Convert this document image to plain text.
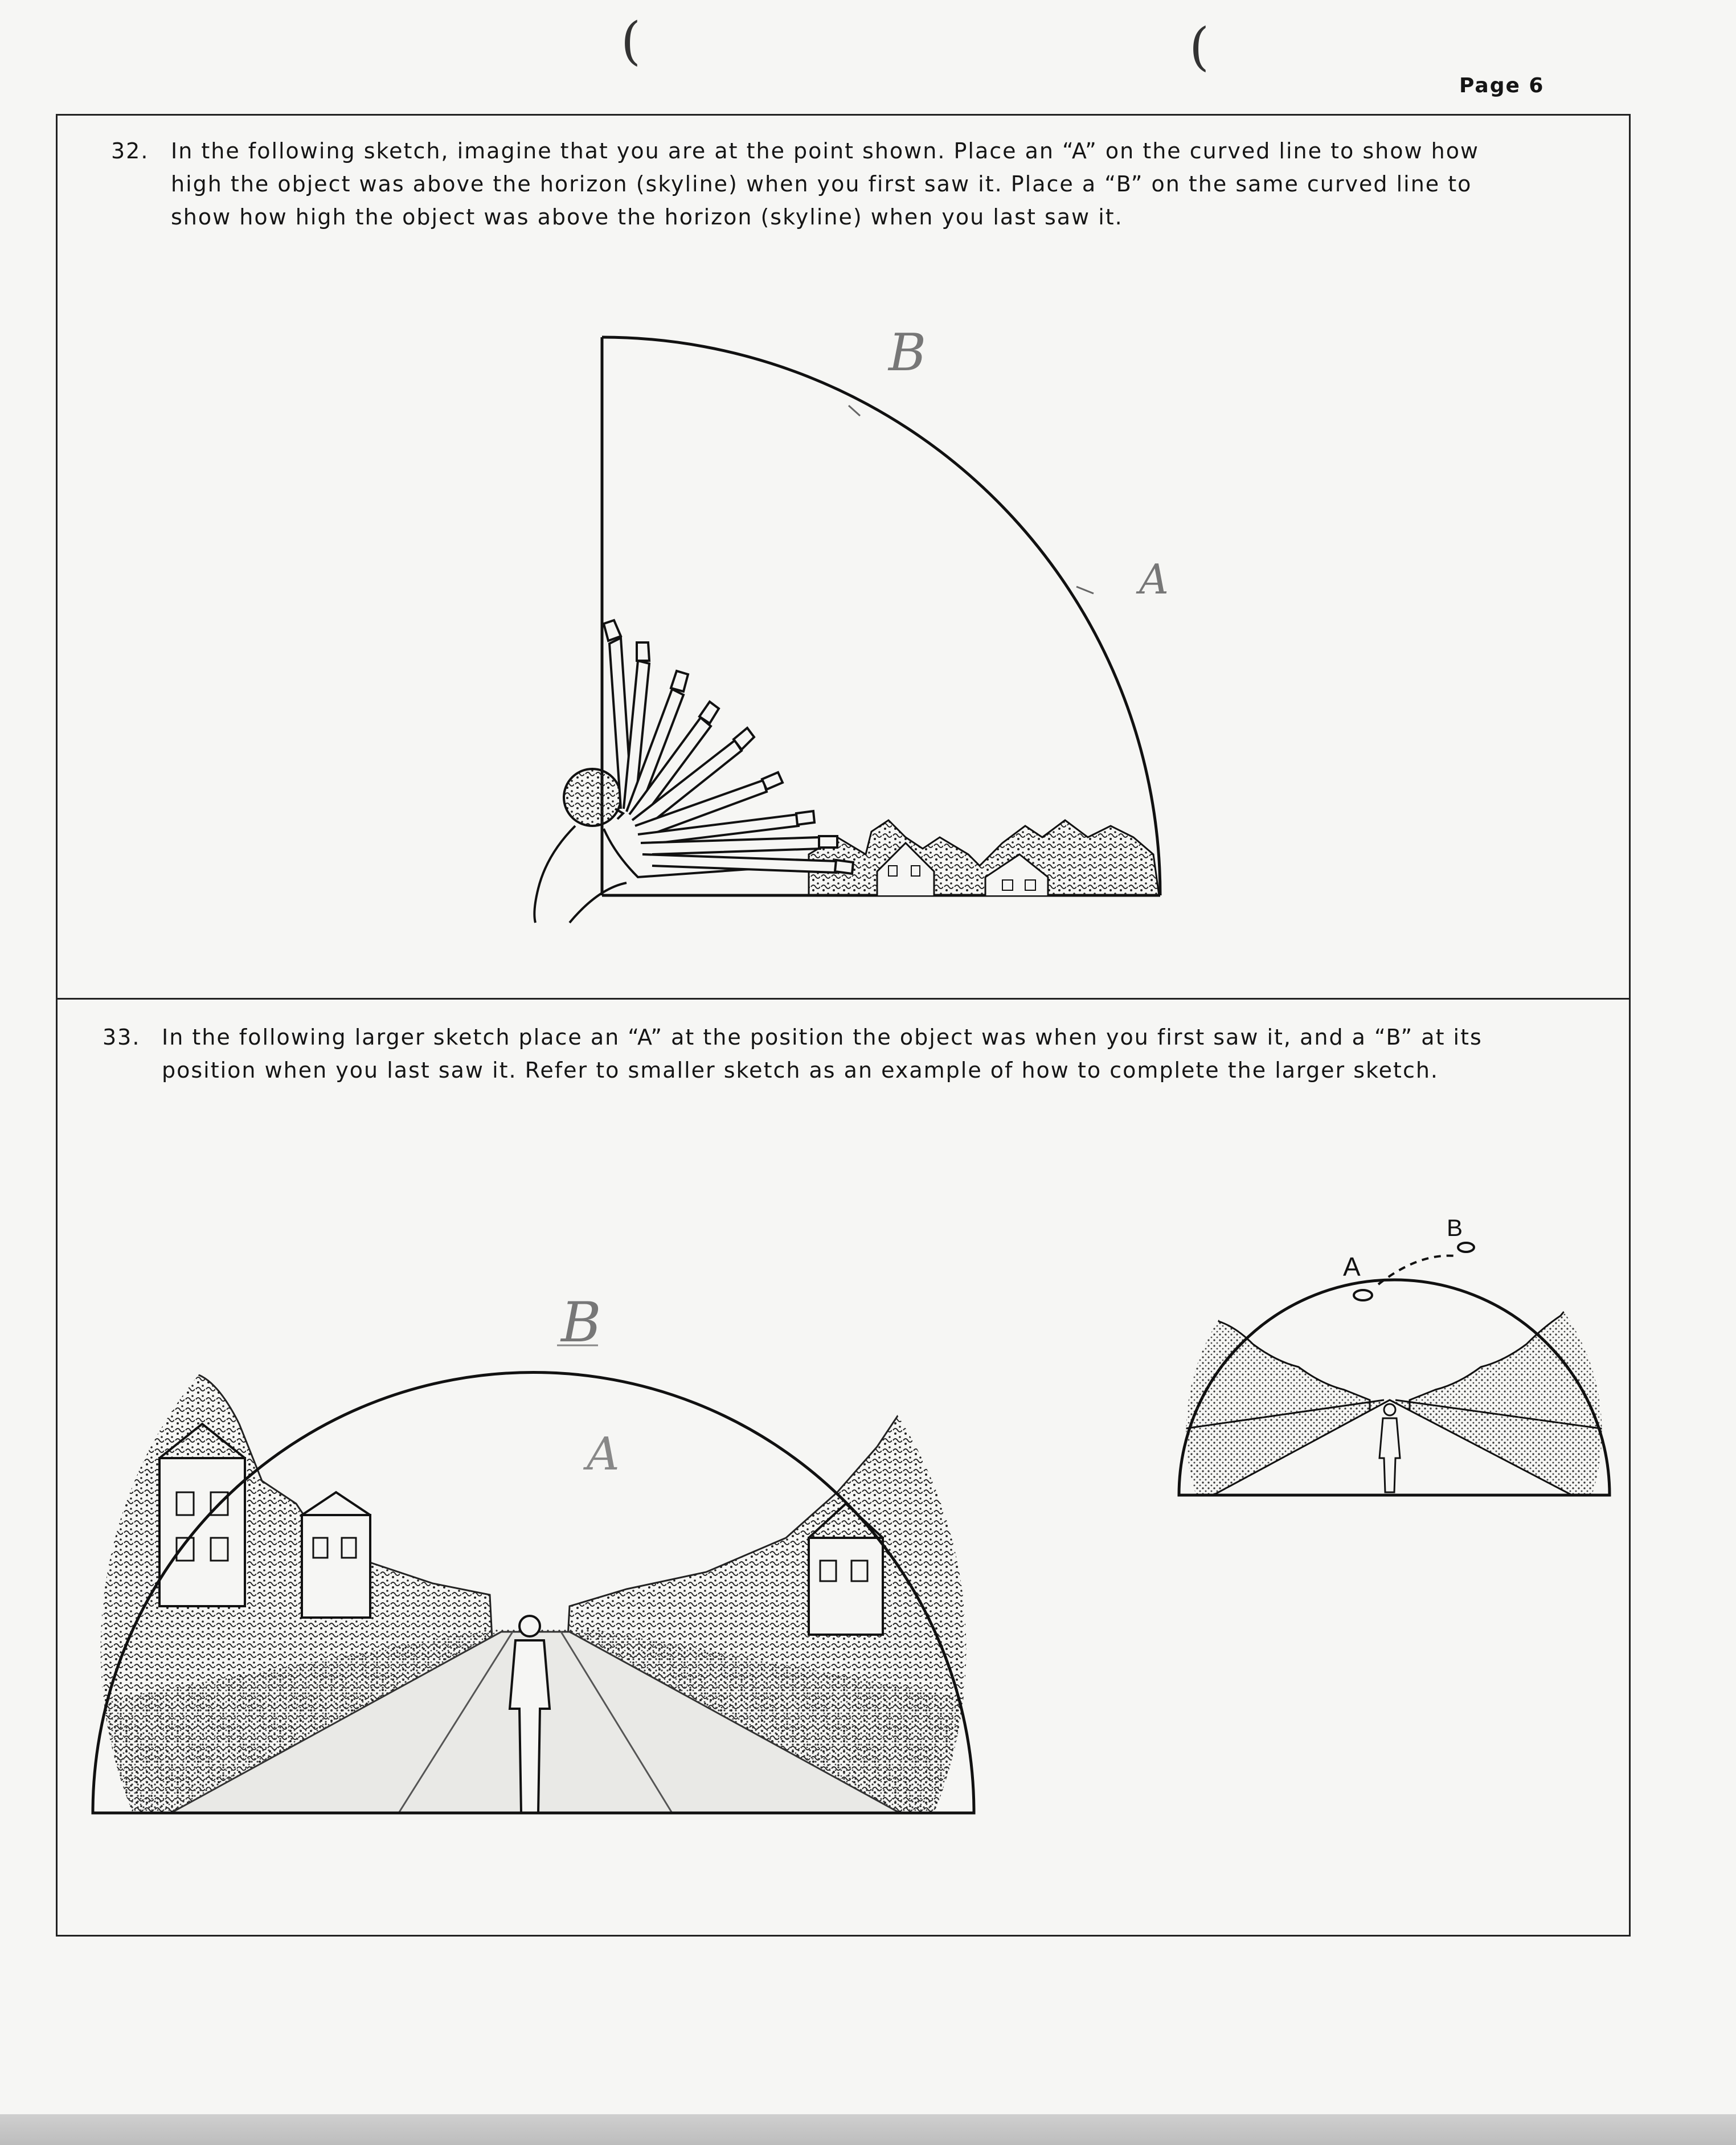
Page 6
(	(
32. In the following sketch, imagine that you are at the point shown. Place an “A” on the curved line to show how

high the object was above the horizon (skyline) when you first saw it. Place a “B” on the same curved line to

show how high the object was above the horizon (skyline) when you last saw it.

B
A
B
A
A
B
33. In the following larger sketch place an “A” at the position the object was when you first saw it, and a “B” at its

position when you last saw it. Refer to smaller sketch as an example of how to complete the larger sketch.
